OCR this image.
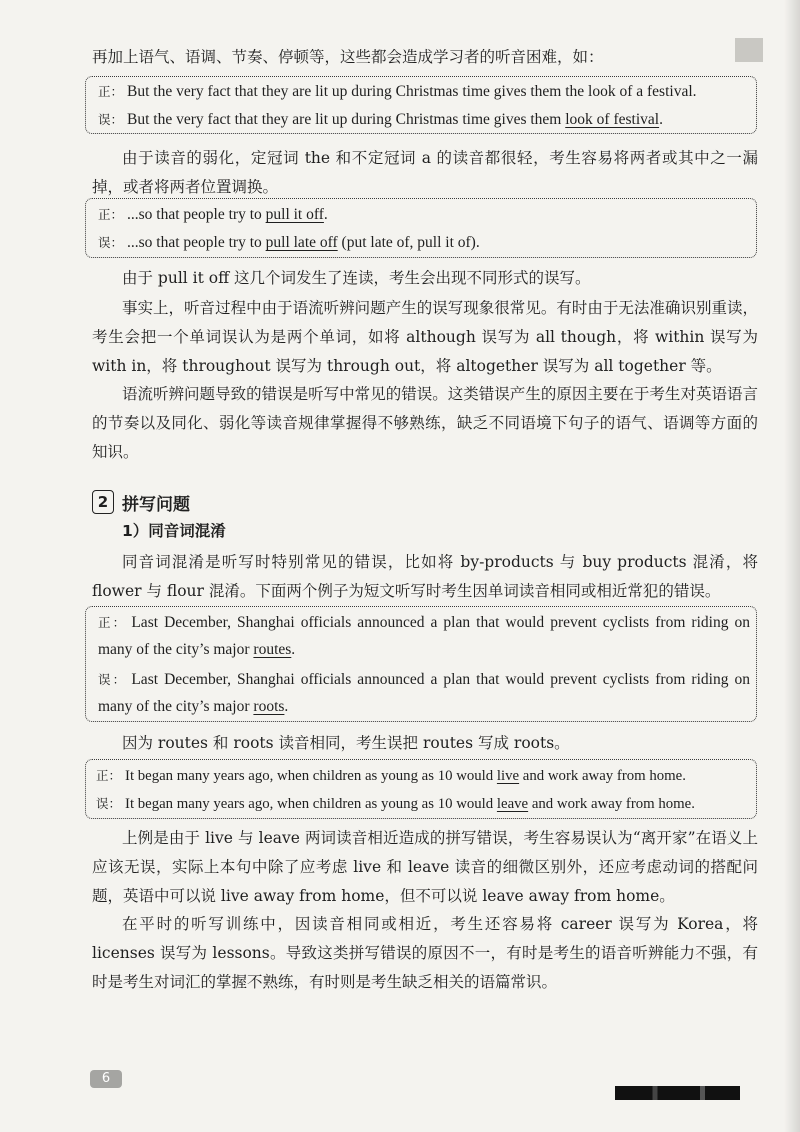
再加上语气、语调、节奏、停顿等，这些都会造成学习者的听音困难，如：

正： But the very fact that they are lit up during Christmas time gives them the look of a festival.

误： But the very fact that they are lit up during Christmas time gives them look of festival.

由于读音的弱化，定冠词 the 和不定冠词 a 的读音都很轻，考生容易将两者或其中之一漏掉，或者将两者位置调换。

正： ...so that people try to pull it off.

误： ...so that people try to pull late off (put late of, pull it of).

由于 pull it off 这几个词发生了连读，考生会出现不同形式的误写。

事实上，听音过程中由于语流听辨问题产生的误写现象很常见。有时由于无法准确识别重读，考生会把一个单词误认为是两个单词，如将 although 误写为 all though，将 within 误写为 with in，将 throughout 误写为 through out，将 altogether 误写为 all together 等。

语流听辨问题导致的错误是听写中常见的错误。这类错误产生的原因主要在于考生对英语语言的节奏以及同化、弱化等读音规律掌握得不够熟练，缺乏不同语境下句子的语气、语调等方面的知识。

2 拼写问题
1）同音词混淆

同音词混淆是听写时特别常见的错误，比如将 by-products 与 buy products 混淆，将 flower 与 flour 混淆。下面两个例子为短文听写时考生因单词读音相同或相近常犯的错误。

正： Last December, Shanghai officials announced a plan that would prevent cyclists from riding on many of the city’s major routes.

误： Last December, Shanghai officials announced a plan that would prevent cyclists from riding on many of the city’s major roots.

因为 routes 和 roots 读音相同，考生误把 routes 写成 roots。

正： It began many years ago, when children as young as 10 would live and work away from home.

误： It began many years ago, when children as young as 10 would leave and work away from home.

上例是由于 live 与 leave 两词读音相近造成的拼写错误，考生容易误认为“离开家”在语义上应该无误，实际上本句中除了应考虑 live 和 leave 读音的细微区别外，还应考虑动词的搭配问题，英语中可以说 live away from home，但不可以说 leave away from home。

在平时的听写训练中，因读音相同或相近，考生还容易将 career 误写为 Korea，将 licenses 误写为 lessons。导致这类拼写错误的原因不一，有时是考生的语音听辨能力不强，有时是考生对词汇的掌握不熟练，有时则是考生缺乏相关的语篇常识。

6
